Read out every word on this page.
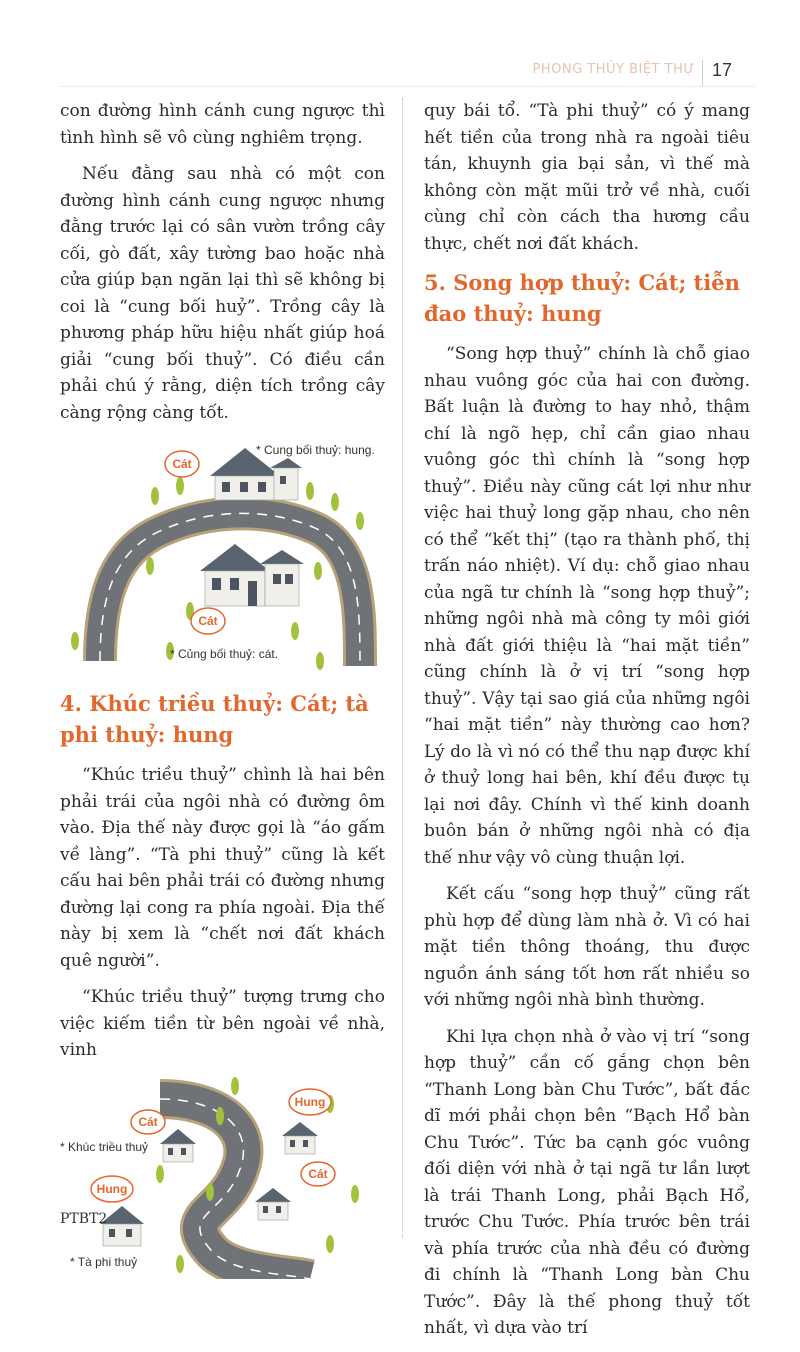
PHONG THỦY BIỆT THỰ 17

con đường hình cánh cung ngược thì tình hình sẽ vô cùng nghiêm trọng.

Nếu đằng sau nhà có một con đường hình cánh cung ngược nhưng đằng trước lại có sân vườn trồng cây cối, gò đất, xây tường bao hoặc nhà cửa giúp bạn ngăn lại thì sẽ không bị coi là “cung bối huỷ”. Trồng cây là phương pháp hữu hiệu nhất giúp hoá giải “cung bối thuỷ”. Có điều cần phải chú ý rằng, diện tích trồng cây càng rộng càng tốt.

Cát
Cát
* Cung bối thuỷ: hung.
* Củng bối thuỷ: cát.
4. Khúc triều thuỷ: Cát; tà phi thuỷ: hung

“Khúc triều thuỷ” chình là hai bên phải trái của ngôi nhà có đường ôm vào. Địa thế này được gọi là “áo gấm về làng”. “Tà phi thuỷ” cũng là kết cấu hai bên phải trái có đường nhưng đường lại cong ra phía ngoài. Địa thế này bị xem là “chết nơi đất khách quê người”.

“Khúc triều thuỷ” tượng trưng cho việc kiếm tiền từ bên ngoài về nhà, vinh

Hung
Cát
Hung
Cát
* Khúc triều thuỷ
* Tà phi thuỷ

quy bái tổ. “Tà phi thuỷ” có ý mang hết tiền của trong nhà ra ngoài tiêu tán, khuynh gia bại sản, vì thế mà không còn mặt mũi trở về nhà, cuối cùng chỉ còn cách tha hương cầu thực, chết nơi đất khách.

5. Song hợp thuỷ: Cát; tiễn đao thuỷ: hung

“Song hợp thuỷ” chính là chỗ giao nhau vuông góc của hai con đường. Bất luận là đường to hay nhỏ, thậm chí là ngõ hẹp, chỉ cần giao nhau vuông góc thì chính là “song hợp thuỷ”. Điều này cũng cát lợi như như việc hai thuỷ long gặp nhau, cho nên có thể “kết thị” (tạo ra thành phố, thị trấn náo nhiệt). Ví dụ: chỗ giao nhau của ngã tư chính là “song hợp thuỷ”; những ngôi nhà mà công ty môi giới nhà đất giới thiệu là “hai mặt tiền” cũng chính là ở vị trí “song hợp thuỷ”. Vậy tại sao giá của những ngôi “hai mặt tiền” này thường cao hơn? Lý do là vì nó có thể thu nạp được khí ở thuỷ long hai bên, khí đều được tụ lại nơi đây. Chính vì thế kinh doanh buôn bán ở những ngôi nhà có địa thế như vậy vô cùng thuận lợi.

Kết cấu “song hợp thuỷ” cũng rất phù hợp để dùng làm nhà ở. Vì có hai mặt tiền thông thoáng, thu được nguồn ánh sáng tốt hơn rất nhiều so với những ngôi nhà bình thường.

Khi lựa chọn nhà ở vào vị trí “song hợp thuỷ” cần cố gắng chọn bên “Thanh Long bàn Chu Tước”, bất đắc dĩ mới phải chọn bên “Bạch Hổ bàn Chu Tước”. Tức ba cạnh góc vuông đối diện với nhà ở tại ngã tư lần lượt là trái Thanh Long, phải Bạch Hổ, trước Chu Tước. Phía trước bên trái và phía trước của nhà đều có đường đi chính là “Thanh Long bàn Chu Tước”. Đây là thế phong thuỷ tốt nhất, vì dựa vào trí

PTBT2
